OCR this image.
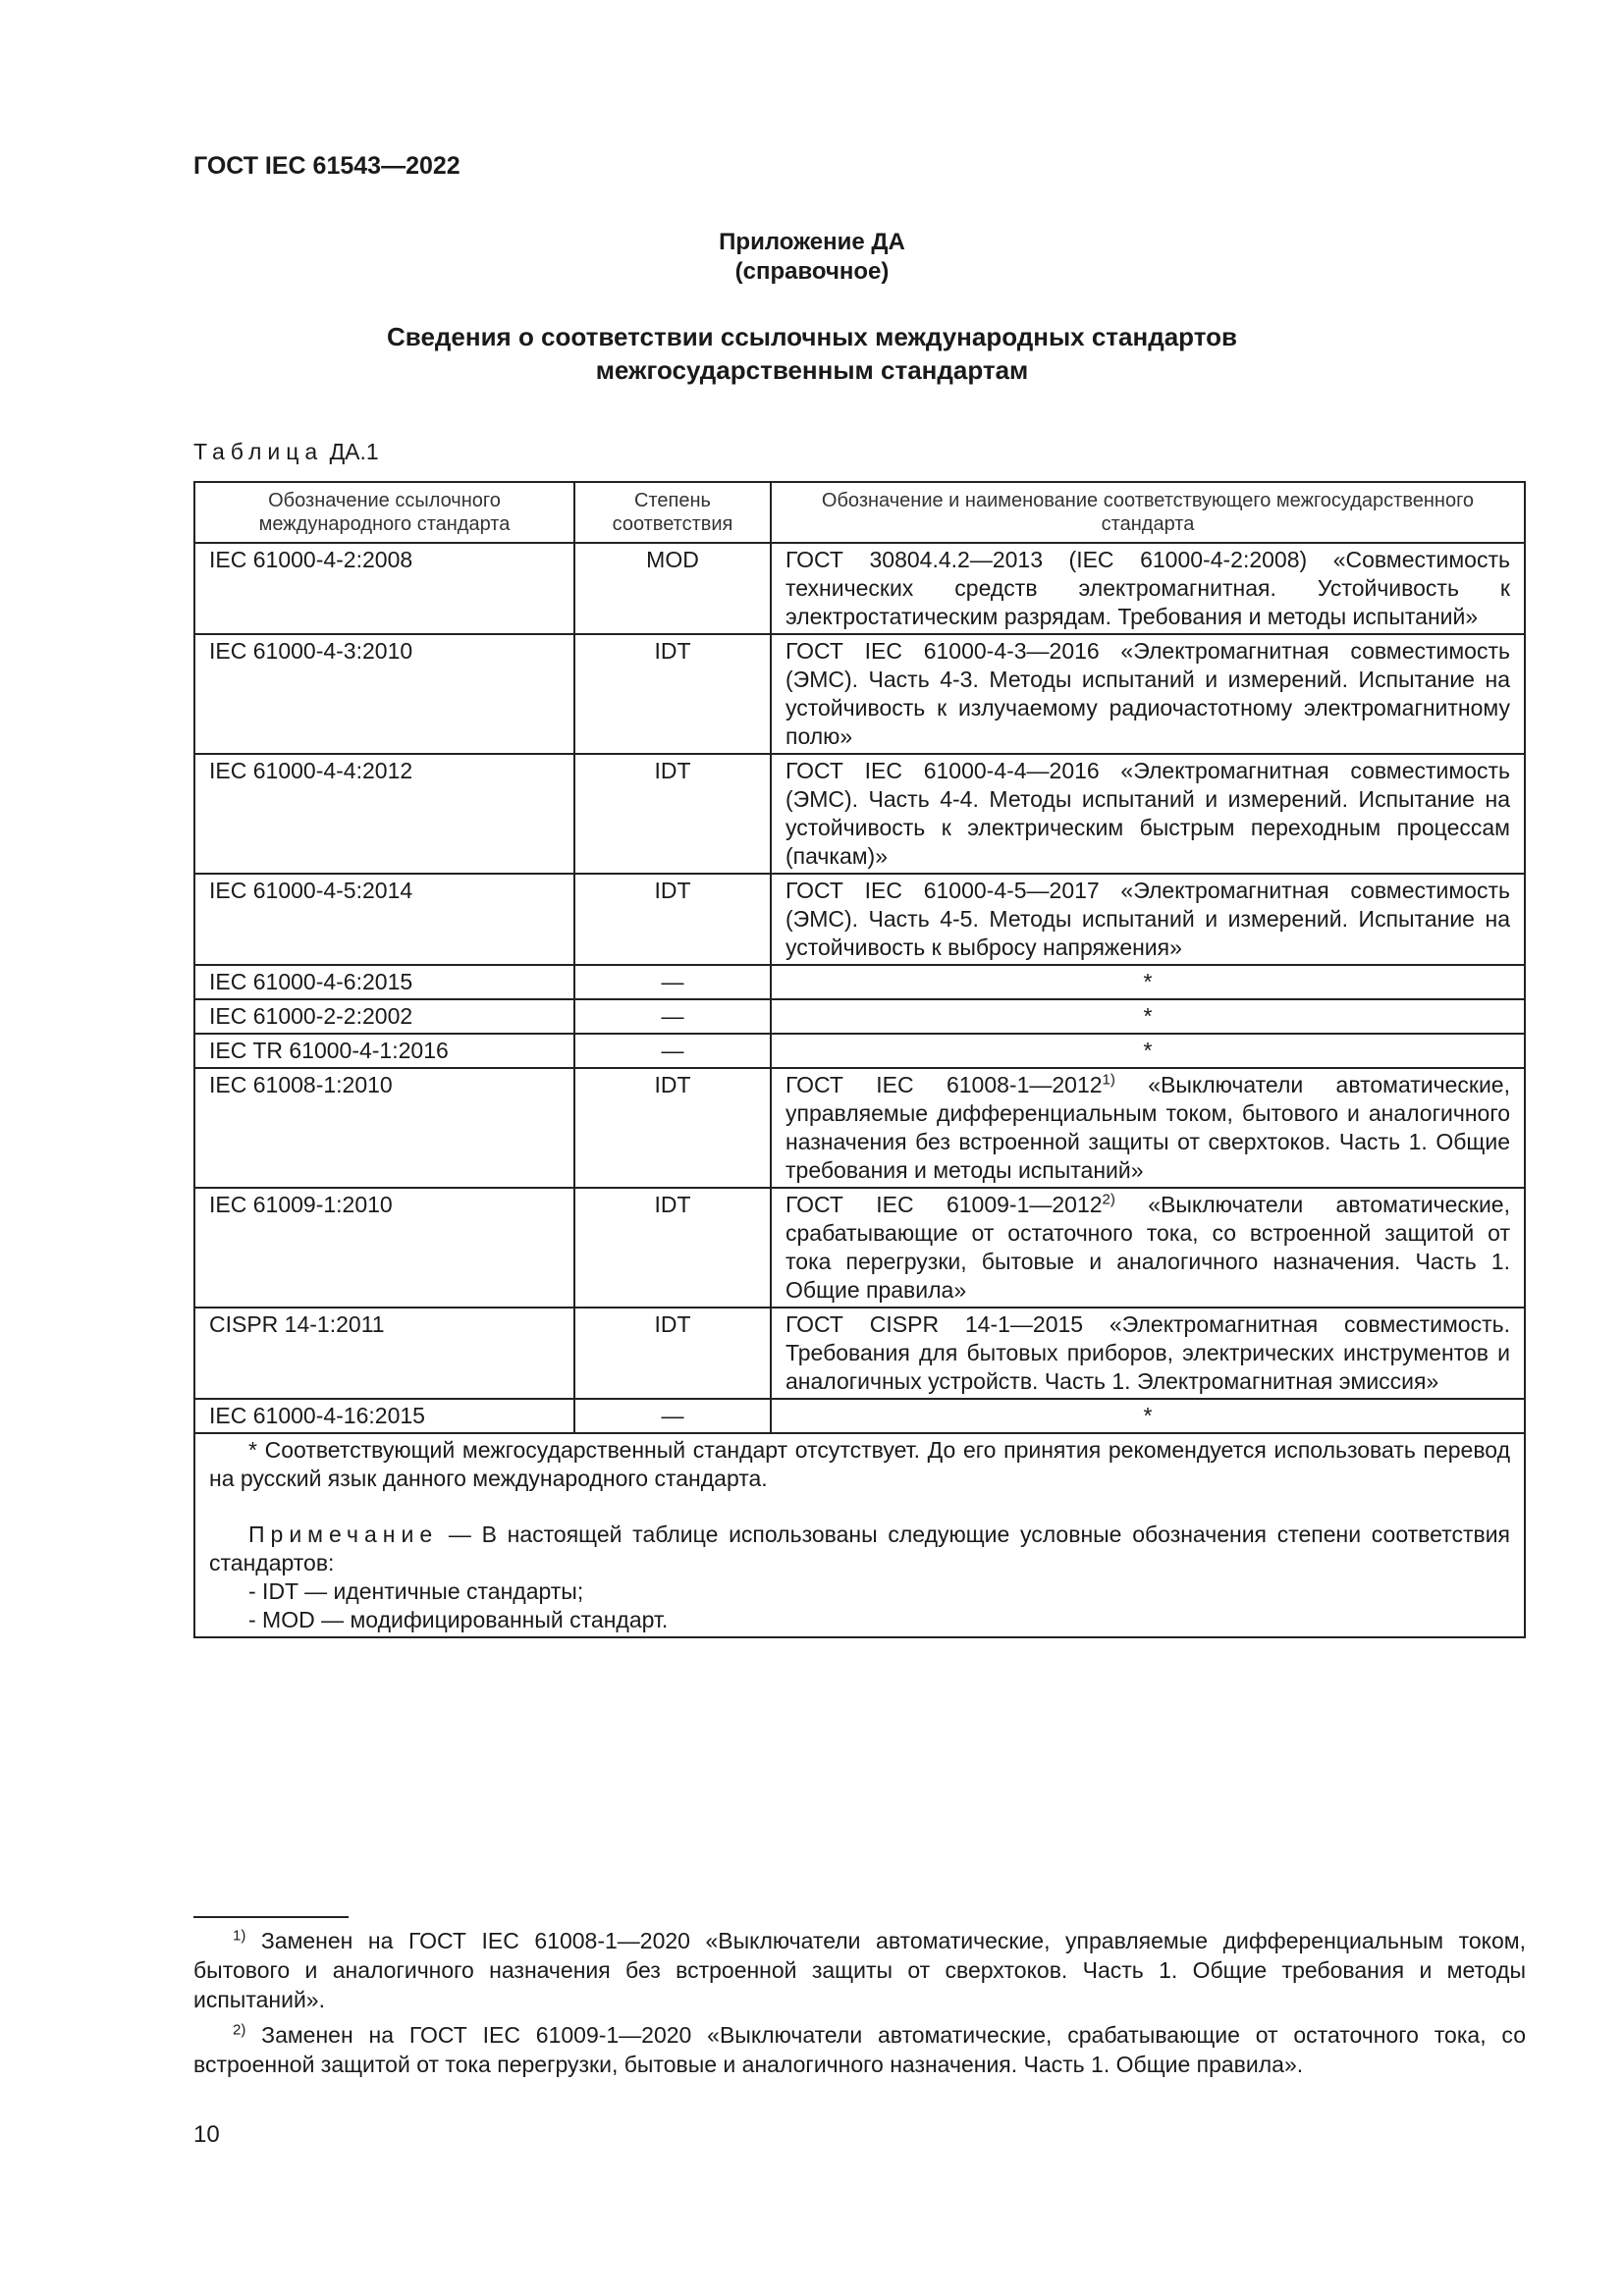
ГОСТ IEC 61543—2022
Приложение ДА
(справочное)
Сведения о соответствии ссылочных международных стандартов
межгосударственным стандартам
Таблица ДА.1
Обозначение ссылочного международного стандарта	Степень соответствия	Обозначение и наименование соответствующего межгосударственного стандарта
IEC 61000-4-2:2008	MOD	ГОСТ 30804.4.2—2013 (IEC 61000-4-2:2008) «Совместимость технических средств электромагнитная. Устойчивость к электростатическим разрядам. Требования и методы испытаний»
IEC 61000-4-3:2010	IDT	ГОСТ IEC 61000-4-3—2016 «Электромагнитная совместимость (ЭМС). Часть 4-3. Методы испытаний и измерений. Испытание на устойчивость к излучаемому радиочастотному электромагнитному полю»
IEC 61000-4-4:2012	IDT	ГОСТ IEC 61000-4-4—2016 «Электромагнитная совместимость (ЭМС). Часть 4-4. Методы испытаний и измерений. Испытание на устойчивость к электрическим быстрым переходным процессам (пачкам)»
IEC 61000-4-5:2014	IDT	ГОСТ IEC 61000-4-5—2017 «Электромагнитная совместимость (ЭМС). Часть 4-5. Методы испытаний и измерений. Испытание на устойчивость к выбросу напряжения»
IEC 61000-4-6:2015	—	*
IEC 61000-2-2:2002	—	*
IEC TR 61000-4-1:2016	—	*
IEC 61008-1:2010	IDT	ГОСТ IEC 61008-1—2012$^{1)}$ «Выключатели автоматические, управляемые дифференциальным током, бытового и аналогичного назначения без встроенной защиты от сверхтоков. Часть 1. Общие требования и методы испытаний»
IEC 61009-1:2010	IDT	ГОСТ IEC 61009-1—2012$^{2)}$ «Выключатели автоматические, срабатывающие от остаточного тока, со встроенной защитой от тока перегрузки, бытовые и аналогичного назначения. Часть 1. Общие правила»
CISPR 14-1:2011	IDT	ГОСТ CISPR 14-1—2015 «Электромагнитная совместимость. Требования для бытовых приборов, электрических инструментов и аналогичных устройств. Часть 1. Электромагнитная эмиссия»
IEC 61000-4-16:2015	—	*

* Соответствующий межгосударственный стандарт отсутствует. До его принятия рекомендуется использовать перевод на русский язык данного международного стандарта.

Примечание — В настоящей таблице использованы следующие условные обозначения степени соответствия стандартов:

- IDT — идентичные стандарты;

- MOD — модифицированный стандарт.		

$^{1)}$ Заменен на ГОСТ IEC 61008-1—2020 «Выключатели автоматические, управляемые дифференциальным током, бытового и аналогичного назначения без встроенной защиты от сверхтоков. Часть 1. Общие требования и методы испытаний».
$^{2)}$ Заменен на ГОСТ IEC 61009-1—2020 «Выключатели автоматические, срабатывающие от остаточного тока, со встроенной защитой от тока перегрузки, бытовые и аналогичного назначения. Часть 1. Общие правила».
10
